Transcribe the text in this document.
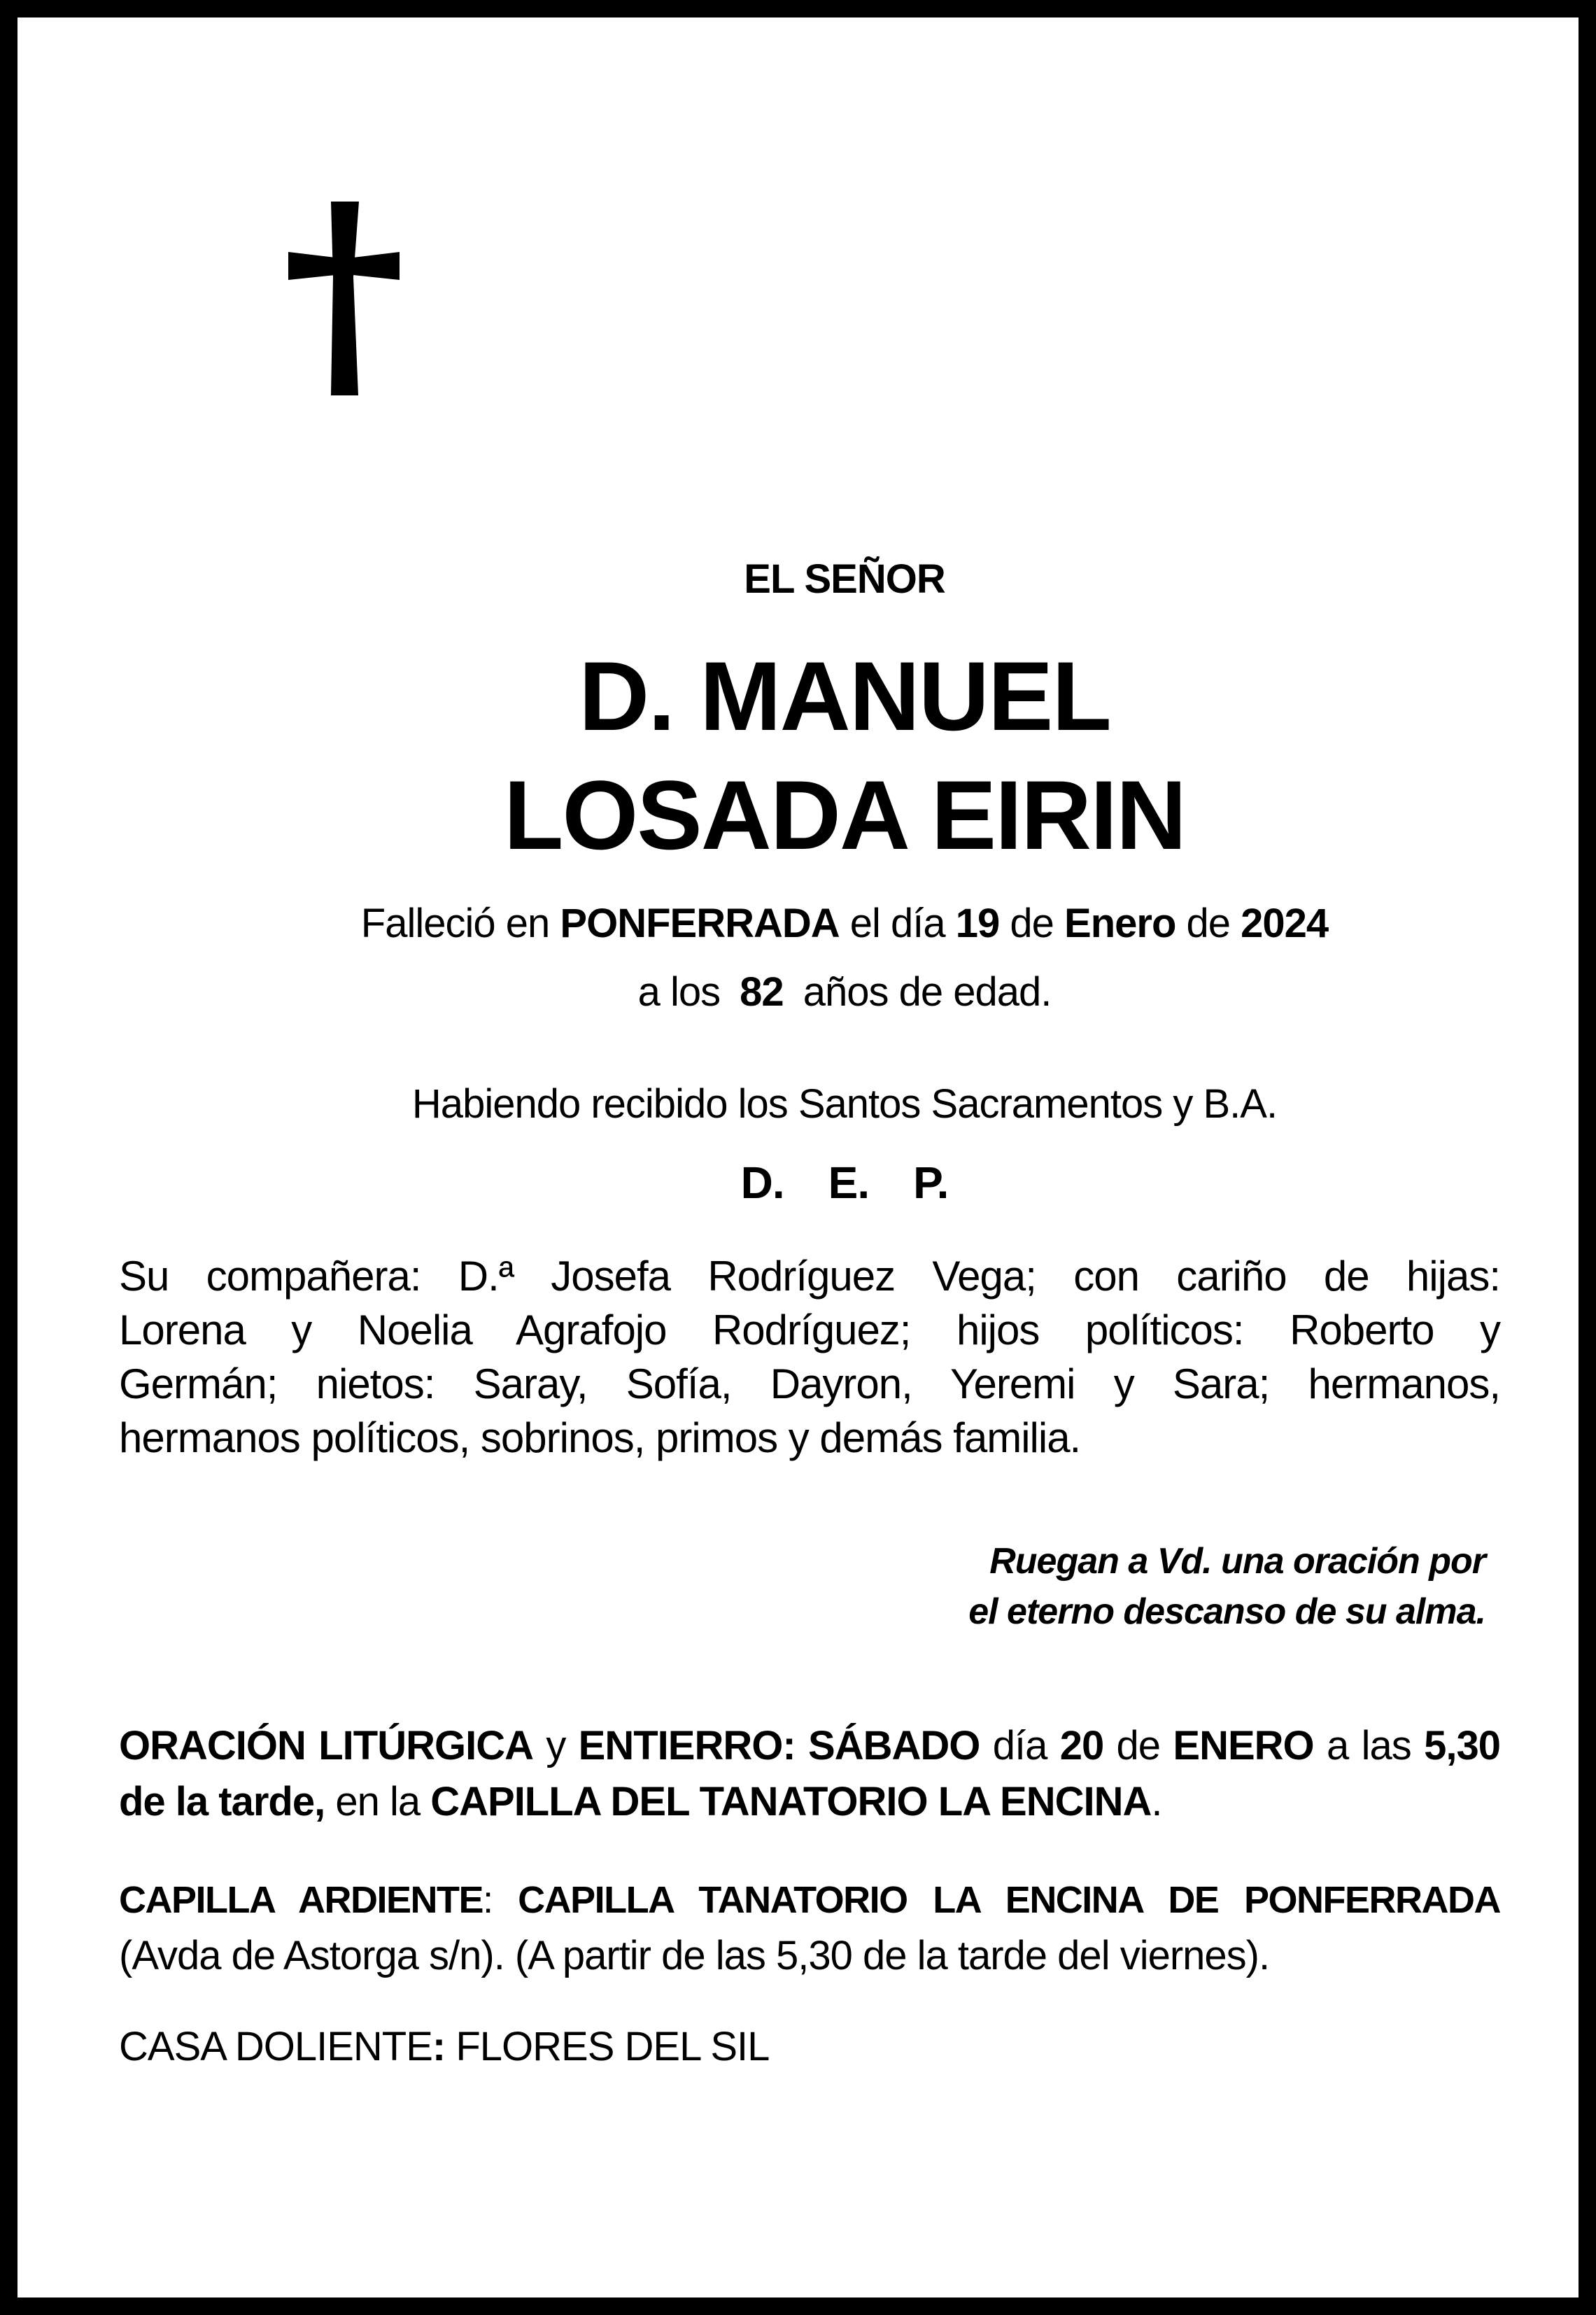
EL SEÑOR
D. MANUEL
LOSADA EIRIN
Falleció en PONFERRADA el día 19 de Enero de 2024
a los 82 años de edad.
Habiendo recibido los Santos Sacramentos y B.A.
D. E. P.
Su compañera: D.ª Josefa Rodríguez Vega; con cariño de hijas:
Lorena y Noelia Agrafojo Rodríguez; hijos políticos: Roberto y
Germán; nietos: Saray, Sofía, Dayron, Yeremi y Sara; hermanos,
hermanos políticos, sobrinos, primos y demás familia.
Ruegan a Vd. una oración por
el eterno descanso de su alma.
ORACIÓN LITÚRGICA y ENTIERRO: SÁBADO día 20 de ENERO a las 5,30
de la tarde, en la CAPILLA DEL TANATORIO LA ENCINA.
CAPILLA ARDIENTE: CAPILLA TANATORIO LA ENCINA DE PONFERRADA
(Avda de Astorga s/n). (A partir de las 5,30 de la tarde del viernes).
CASA DOLIENTE: FLORES DEL SIL
